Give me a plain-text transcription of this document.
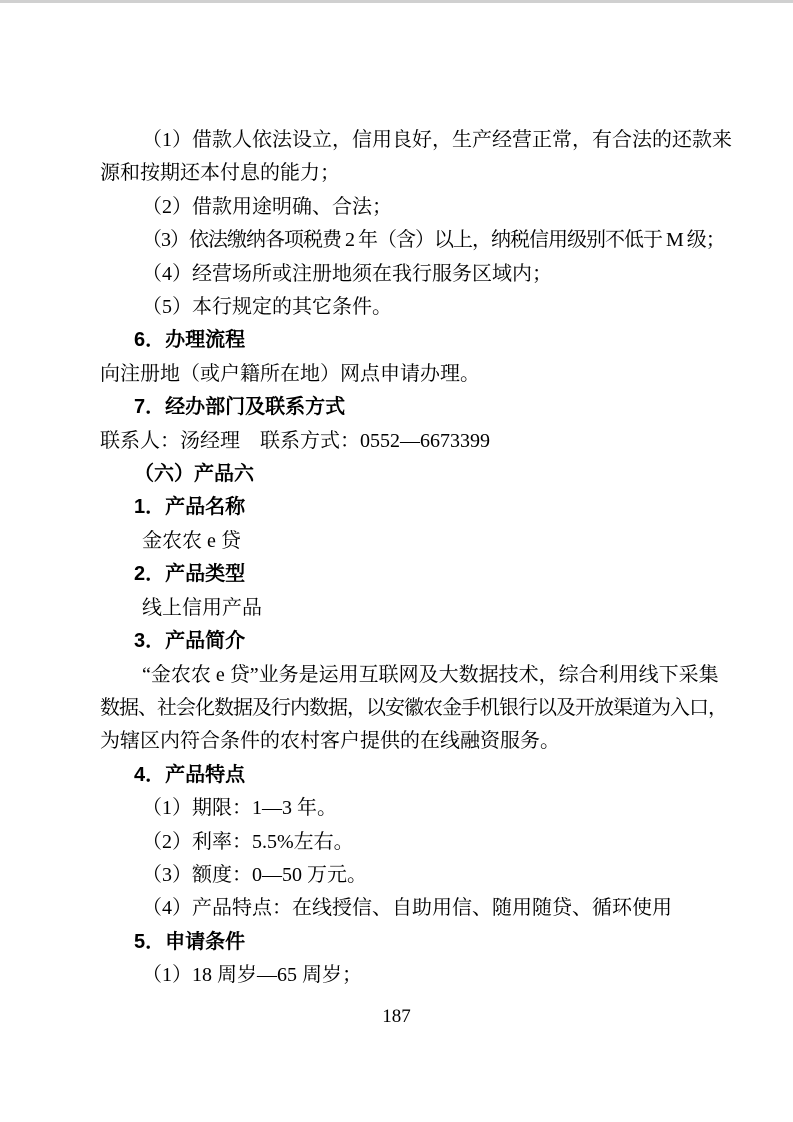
（1）借款人依法设立，信用良好，生产经营正常，有合法的还款来
源和按期还本付息的能力；
（2）借款用途明确、合法；
（3）依法缴纳各项税费 2 年（含）以上，纳税信用级别不低于 M 级；
（4）经营场所或注册地须在我行服务区域内；
（5）本行规定的其它条件。
6．办理流程
向注册地（或户籍所在地）网点申请办理。
7．经办部门及联系方式
联系人：汤经理　联系方式：0552—6673399
（六）产品六
1．产品名称
金农农 e 贷
2．产品类型
线上信用产品
3．产品简介
“金农农 e 贷”业务是运用互联网及大数据技术，综合利用线下采集
数据、社会化数据及行内数据，以安徽农金手机银行以及开放渠道为入口，
为辖区内符合条件的农村客户提供的在线融资服务。
4．产品特点
（1）期限：1—3 年。
（2）利率：5.5%左右。
（3）额度：0—50 万元。
（4）产品特点：在线授信、自助用信、随用随贷、循环使用
5．申请条件
（1）18 周岁—65 周岁；
187
